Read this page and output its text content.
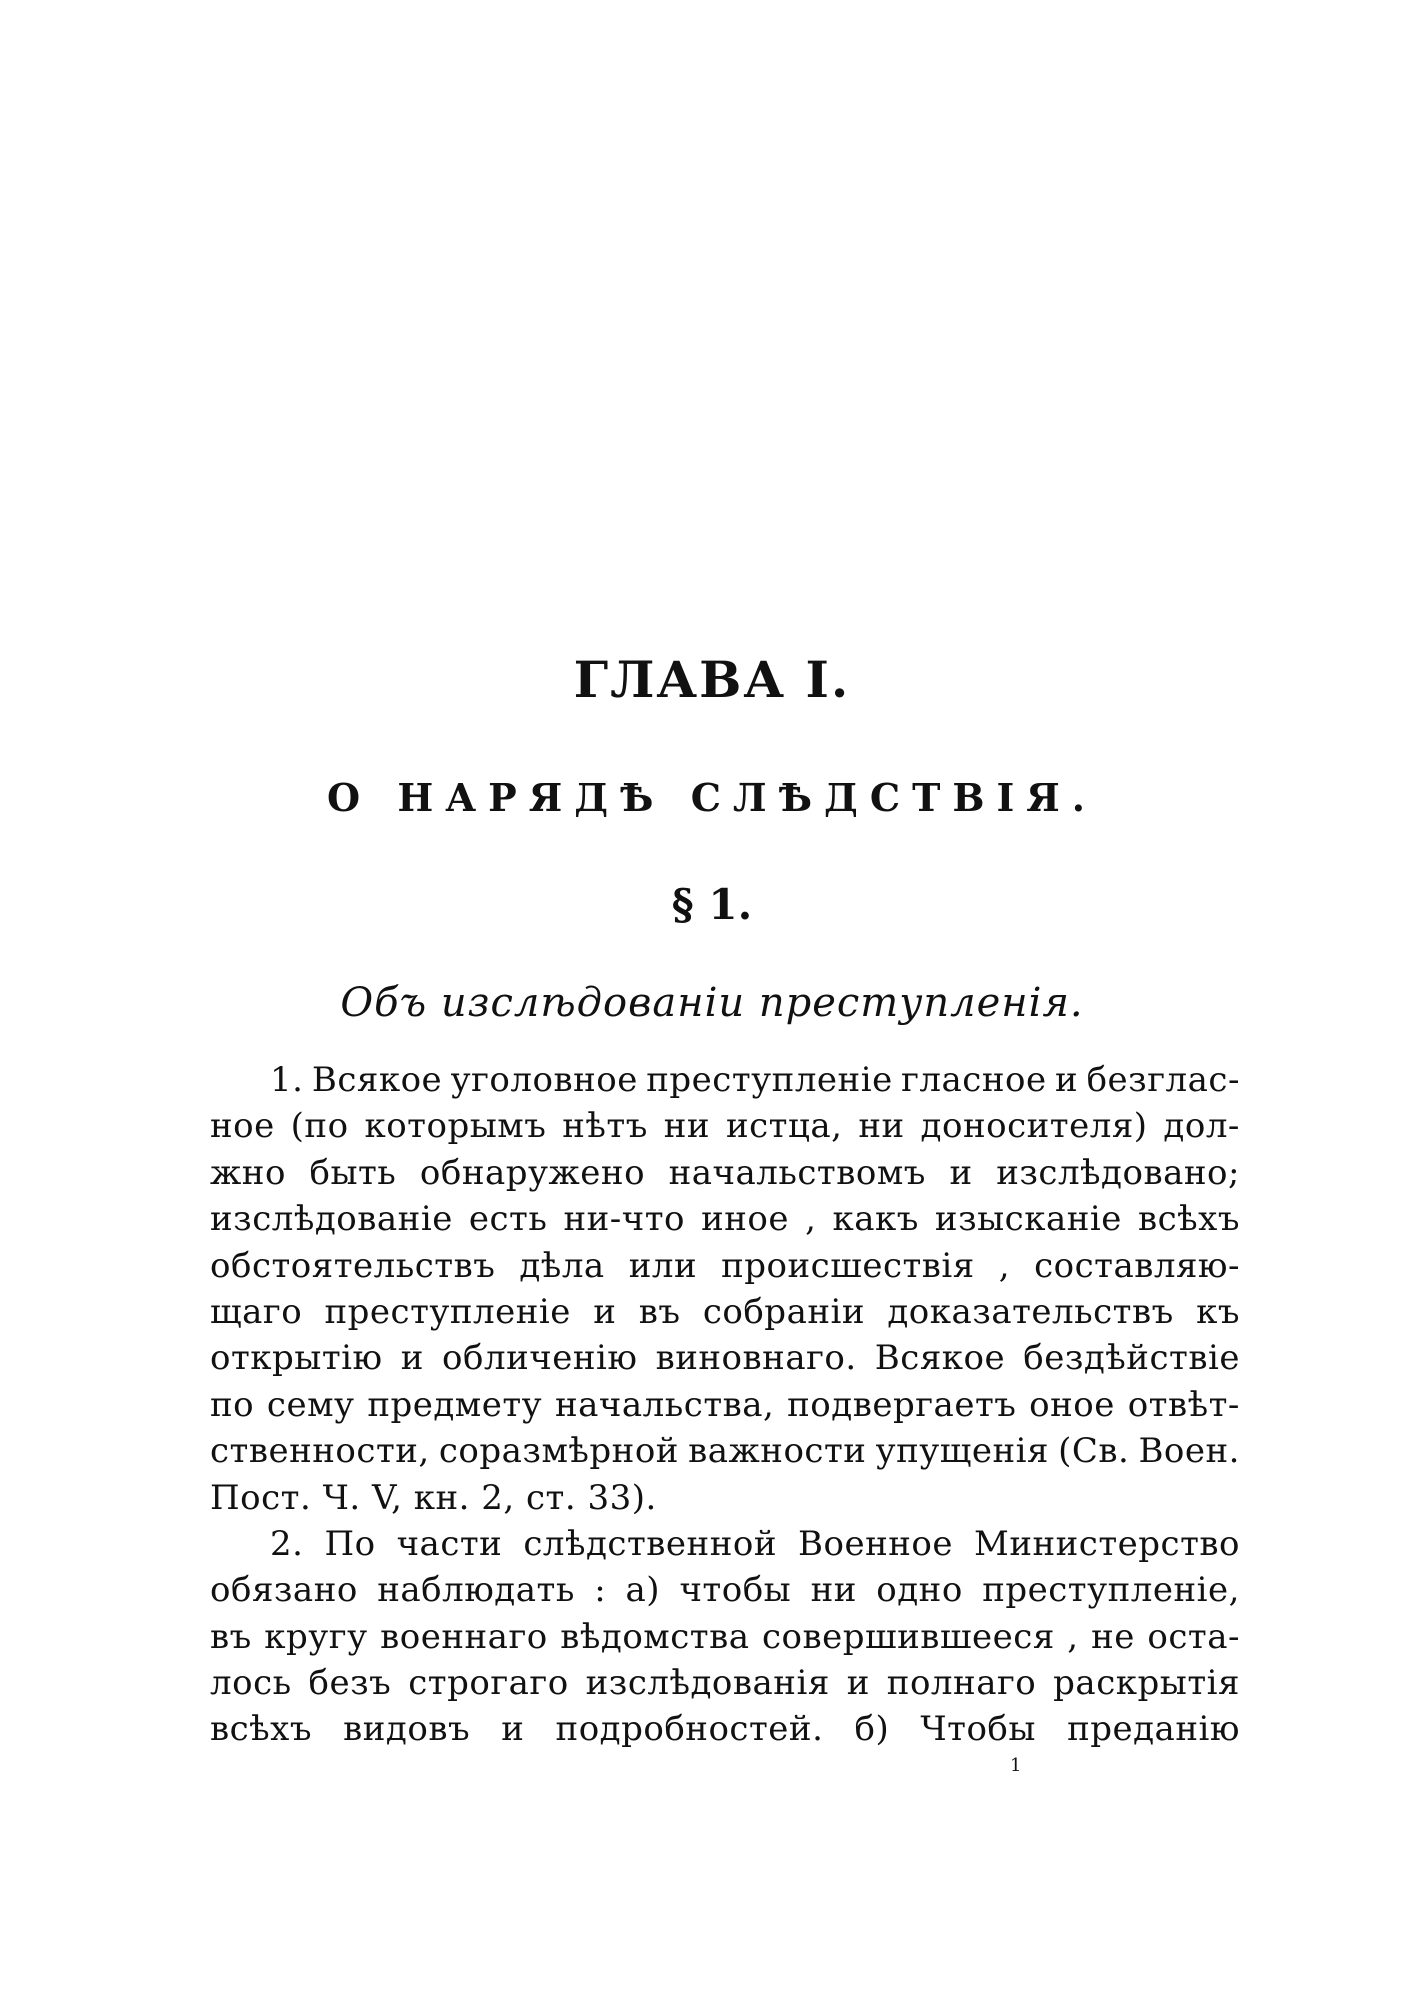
ГЛАВА I.
О НАРЯДѢ СЛѢДСТВІЯ.
§ 1.
Объ изслѣдованіи преступленія.
1. Всякое уголовное преступленіе гласное и безглас-
ное (по которымъ нѣтъ ни истца, ни доносителя) дол-
жно быть обнаружено начальствомъ и изслѣдовано;
изслѣдованіе есть ни-что иное , какъ изысканіе всѣхъ
обстоятельствъ дѣла или происшествія , составляю-
щаго преступленіе и въ собраніи доказательствъ къ
открытію и обличенію виновнаго. Всякое бездѣйствіе
по сему предмету начальства, подвергаетъ оное отвѣт-
ственности, соразмѣрной важности упущенія (Св. Воен.
Пост. Ч. V, кн. 2, ст. 33).
2. По части слѣдственной Военное Министерство
обязано наблюдать : а) чтобы ни одно преступленіе,
въ кругу военнаго вѣдомства совершившееся , не оста-
лось безъ строгаго изслѣдованія и полнаго раскрытія
всѣхъ видовъ и подробностей. б) Чтобы преданію
1
